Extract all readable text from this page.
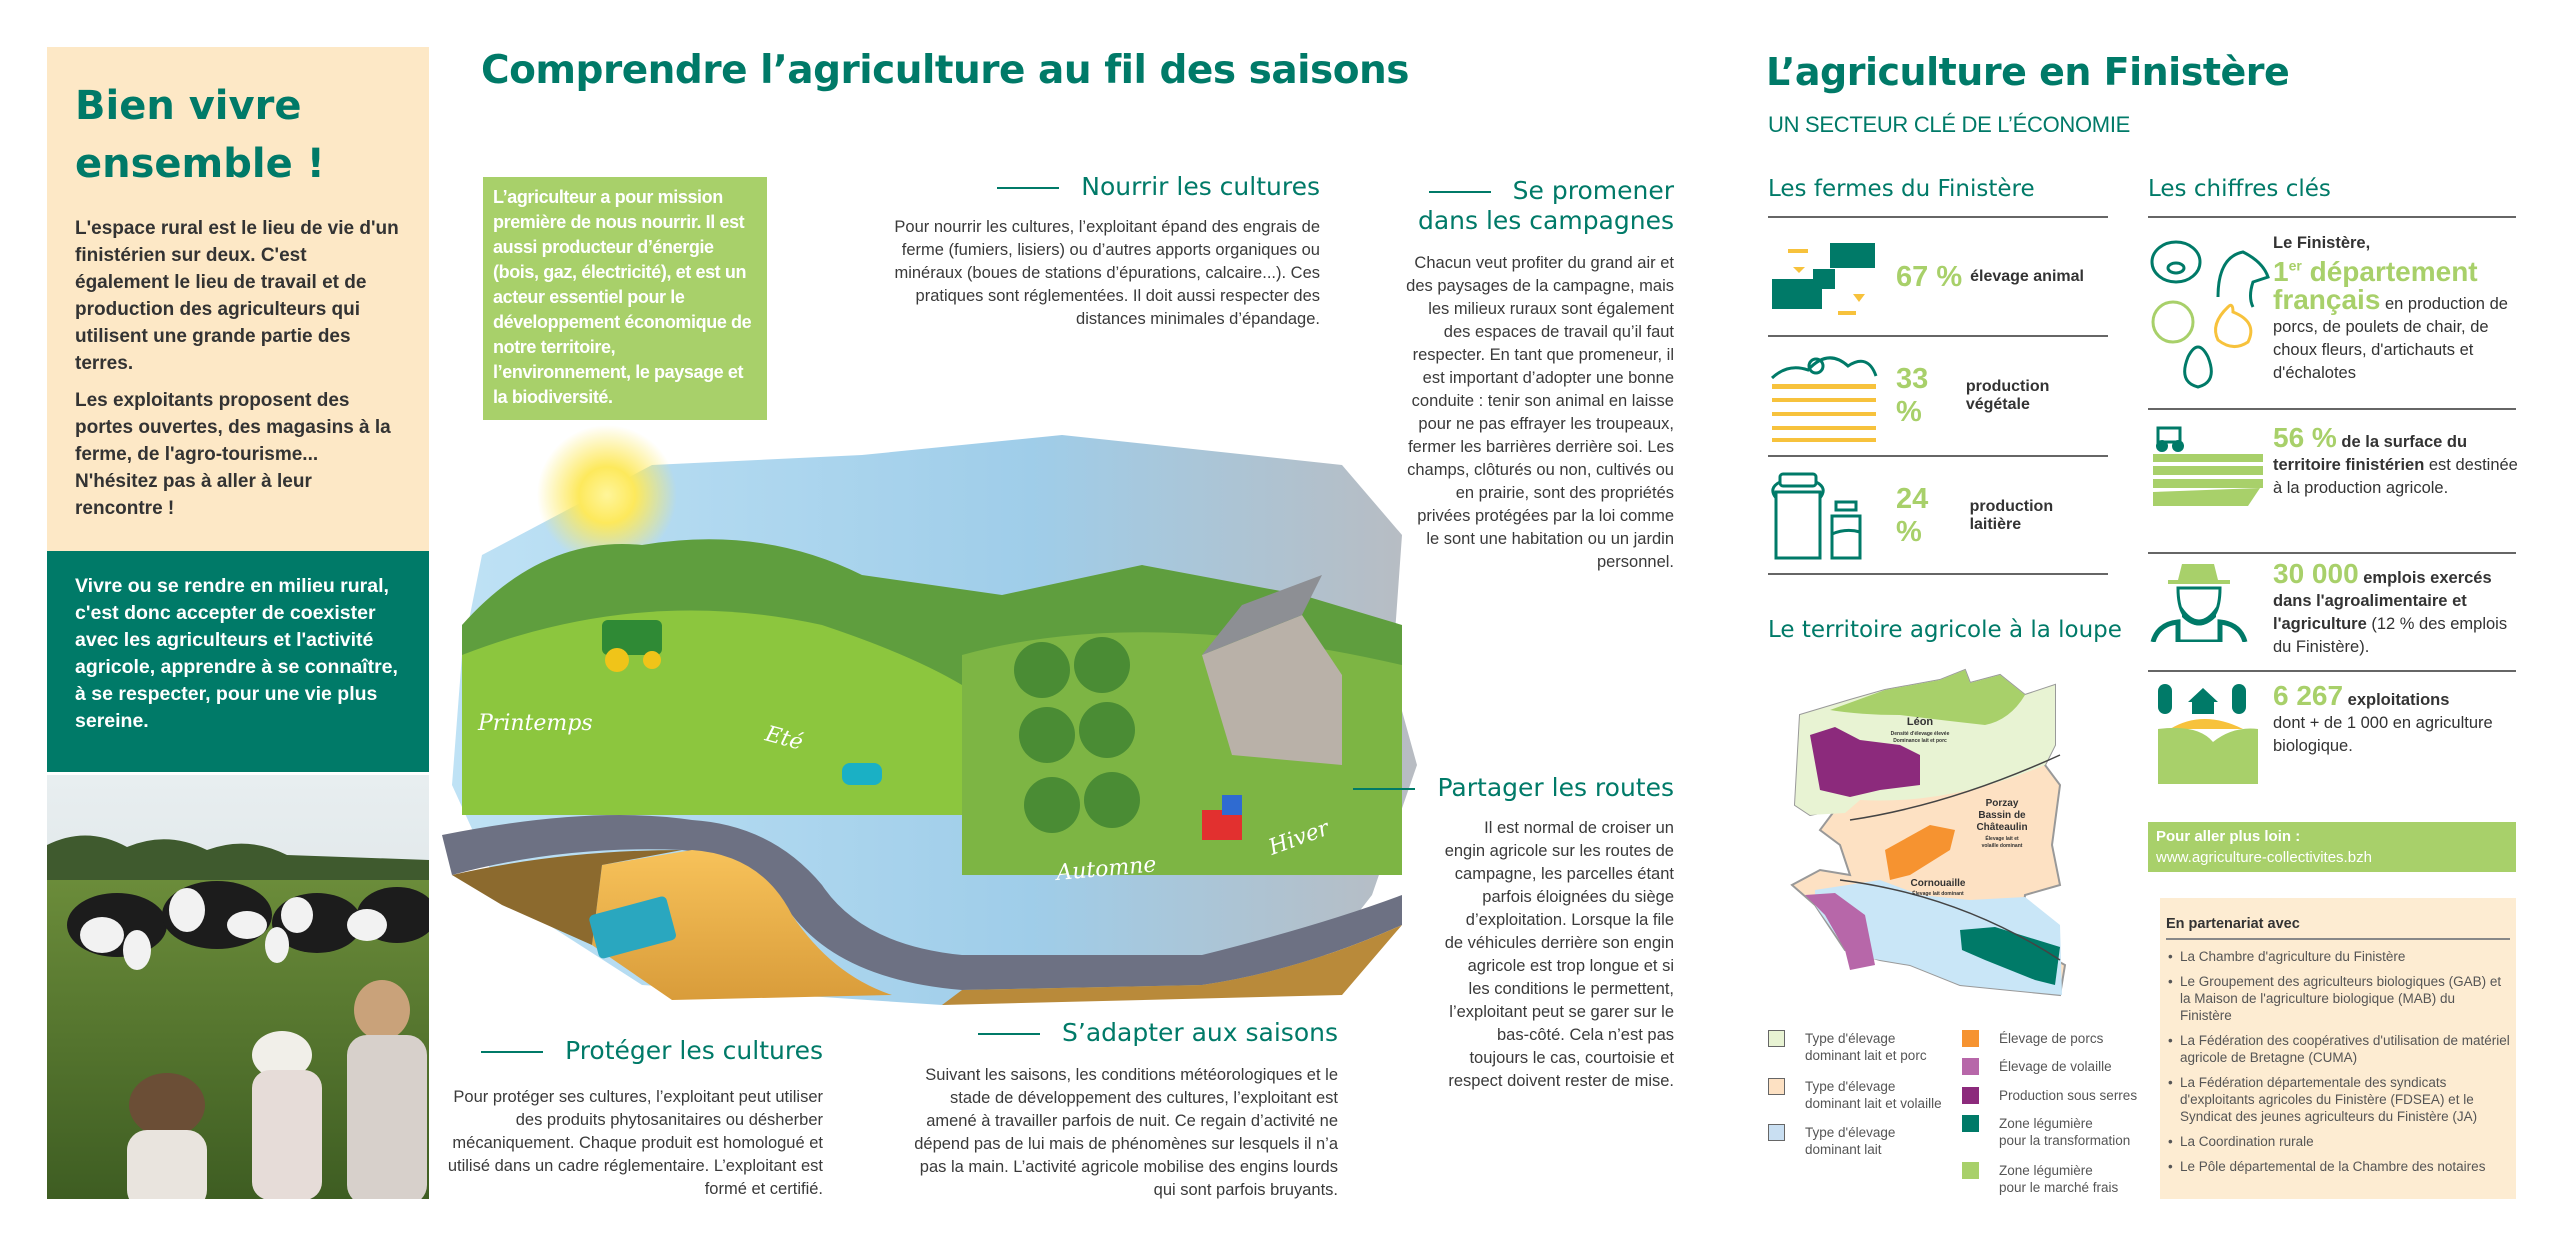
Bien vivre
ensemble !

L'espace rural est le lieu de vie d'un finistérien sur deux. C'est également le lieu de travail et de production des agriculteurs qui utilisent une grande partie des terres.

Les exploitants proposent des portes ouvertes, des magasins à la ferme, de l'agro-tourisme... N'hésitez pas à aller à leur rencontre !

Vivre ou se rendre en milieu rural, c'est donc accepter de coexister avec les agriculteurs et l'activité agricole, apprendre à se connaître, à se respecter, pour une vie plus sereine.	Printemps	Eté
Automne
Hiver
Comprendre l’agriculture au fil des saisons
L’agriculteur a pour mission première de nous nourrir. Il est aussi producteur d’énergie (bois, gaz, électricité), et est un acteur essentiel pour le développement économique de notre territoire, l’environnement, le paysage et la biodiversité.
Nourrir les cultures

Pour nourrir les cultures, l’exploitant épand des engrais de ferme (fumiers, lisiers) ou d’autres apports organiques ou minéraux (boues de stations d’épurations, calcaire...). Ces pratiques sont réglementées. Il doit aussi respecter des distances minimales d’épandage.

Se promener
dans les campagnes

Chacun veut profiter du grand air et des paysages de la campagne, mais les milieux ruraux sont également des espaces de travail qu’il faut respecter. En tant que promeneur, il est important d’adopter une bonne conduite : tenir son animal en laisse pour ne pas effrayer les troupeaux, fermer les barrières derrière soi. Les champs, clôturés ou non, cultivés ou en prairie, sont des propriétés privées protégées par la loi comme le sont une habitation ou un jardin personnel.

Partager les routes

Il est normal de croiser un engin agricole sur les routes de campagne, les parcelles étant parfois éloignées du siège d’exploitation. Lorsque la file de véhicules derrière son engin agricole est trop longue et si les conditions le permettent, l’exploitant peut se garer sur le bas-côté. Cela n’est pas toujours le cas, courtoisie et respect doivent rester de mise.

Protéger les cultures

Pour protéger ses cultures, l’exploitant peut utiliser des produits phytosanitaires ou désherber mécaniquement. Chaque produit est homologué et utilisé dans un cadre réglementaire. L’exploitant est formé et certifié.

S’adapter aux saisons

Suivant les saisons, les conditions météorologiques et le stade de développement des cultures, l’exploitant est amené à travailler parfois de nuit. Ce regain d’activité ne dépend pas de lui mais de phénomènes sur lesquels il n’a pas la main. L’activité agricole mobilise des engins lourds qui sont parfois bruyants.

L’agriculture en Finistère
UN SECTEUR CLÉ DE L’ÉCONOMIE
Les fermes du Finistère
67 % élevage animal
33 %
production végétale
24 %
production laitière
Le territoire agricole à la loupe
Léon
Densité d'élevage élevée
Dominance lait et porc
Porzay
Bassin de
Châteaulin
Élevage lait et
volaille dominant
Cornouaille
Élevage lait dominant
Type d'élevage
dominant lait et porc
Type d'élevage
dominant lait et volaille
Type d'élevage
dominant lait
Élevage de porcs
Élevage de volaille
Production sous serres
Zone légumière
pour la transformation
Zone légumière
pour le marché frais
Les chiffres clés
Le Finistère,
1er département
français en production de porcs, de poulets de chair, de choux fleurs, d'artichauts et d'échalotes
56 % de la surface du territoire finistérien est destinée à la production agricole.
30 000 emplois exercés dans l'agroalimentaire et l'agriculture (12 % des emplois du Finistère).
6 267 exploitations
dont + de 1 000 en agriculture biologique.
Pour aller plus loin :
www.agriculture-collectivites.bzh
En partenariat avec
• La Chambre d'agriculture du Finistère
• Le Groupement des agriculteurs biologiques (GAB) et la Maison de l'agriculture biologique (MAB) du Finistère
• La Fédération des coopératives d'utilisation de matériel agricole de Bretagne (CUMA)
• La Fédération départementale des syndicats d'exploitants agricoles du Finistère (FDSEA) et le Syndicat des jeunes agriculteurs du Finistère (JA)
• La Coordination rurale
• Le Pôle départemental de la Chambre des notaires
